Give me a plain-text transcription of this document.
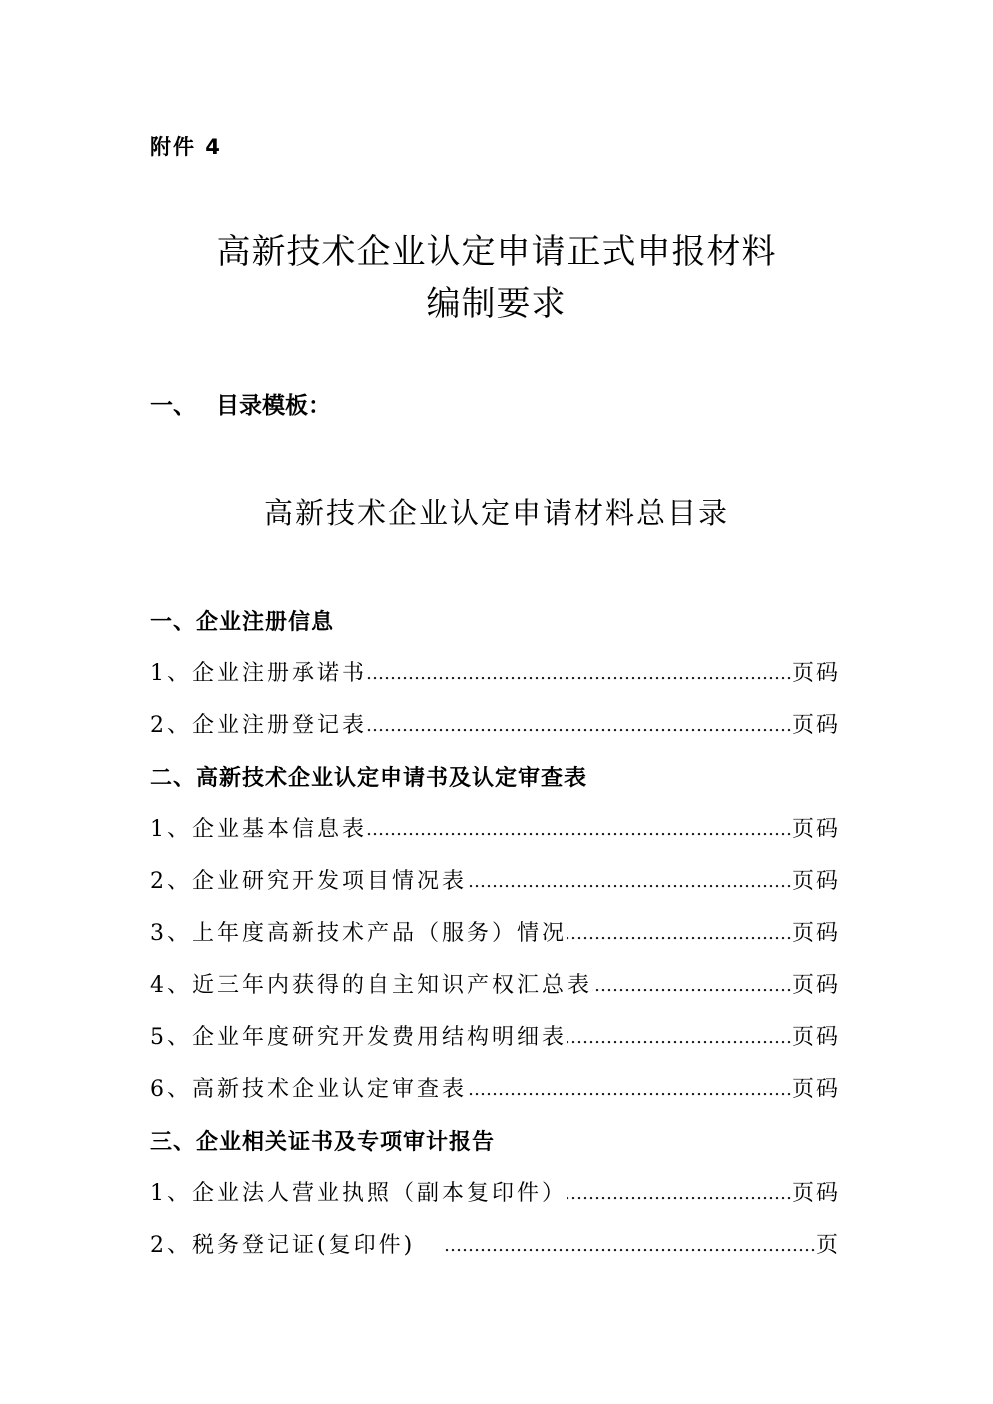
附件 4
高新技术企业认定申请正式申报材料
编制要求
一、 目录模板：
高新技术企业认定申请材料总目录
一、企业注册信息
1、企业注册承诺书 …………………………………………………………………………………………………………………………………………………………	页码
2、企业注册登记表 …………………………………………………………………………………………………………………………………………………………	页码
二、高新技术企业认定申请书及认定审查表
1、企业基本信息表 …………………………………………………………………………………………………………………………………………………………	页码
2、企业研究开发项目情况表 …………………………………………………………………………………………………………………………………………………………	页码
3、上年度高新技术产品（服务）情况 …………………………………………………………………………………………………………………………………………………………	页码
4、近三年内获得的自主知识产权汇总表 …………………………………………………………………………………………………………………………………………………………	页码
5、企业年度研究开发费用结构明细表 …………………………………………………………………………………………………………………………………………………………	页码
6、高新技术企业认定审查表 …………………………………………………………………………………………………………………………………………………………	页码
三、企业相关证书及专项审计报告
1、企业法人营业执照（副本复印件） …………………………………………………………………………………………………………………………………………………………	页码
2、税务登记证(复印件) …………………………………………………………………………………………………………………………………………………………	页
